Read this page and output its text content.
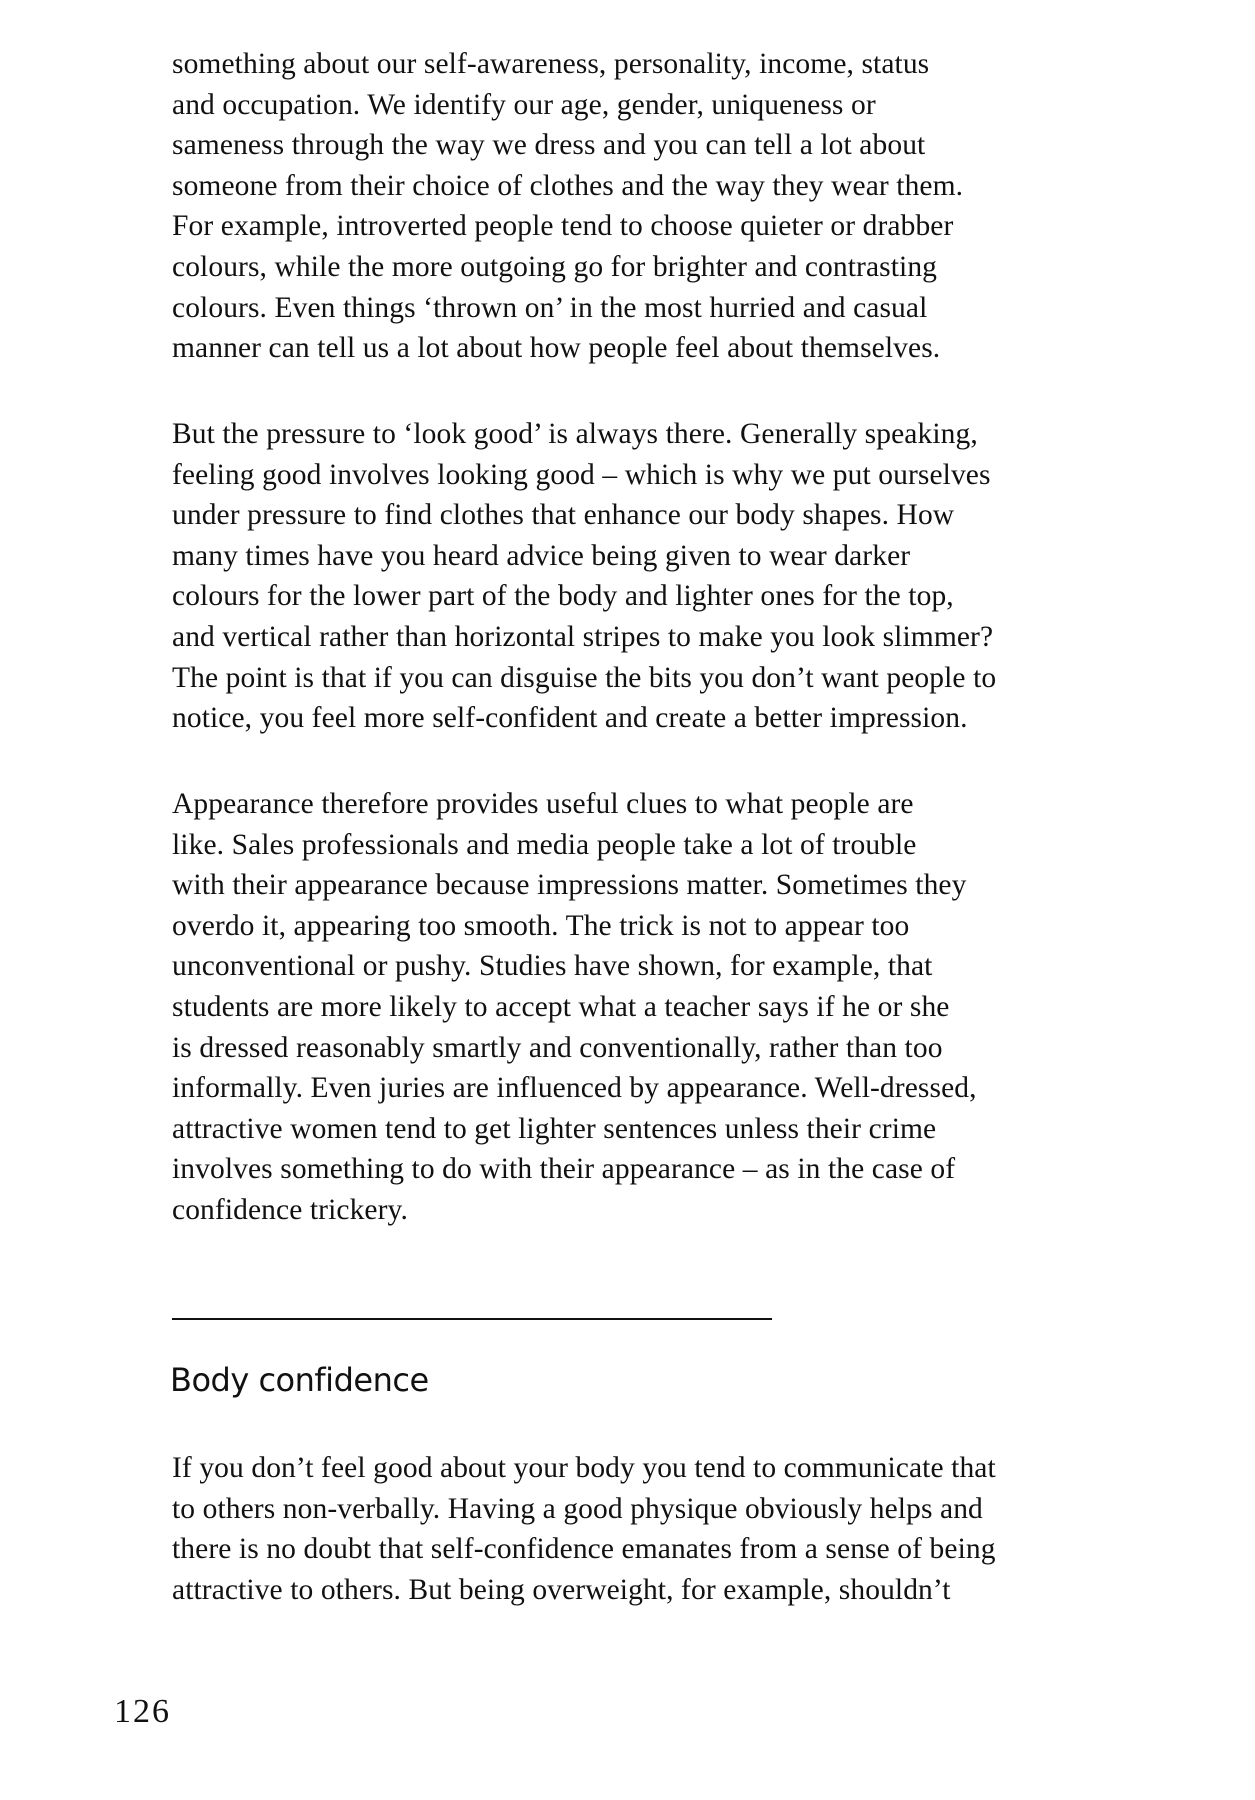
something about our self-awareness, personality, income, status
and occupation. We identify our age, gender, uniqueness or
sameness through the way we dress and you can tell a lot about
someone from their choice of clothes and the way they wear them.
For example, introverted people tend to choose quieter or drabber
colours, while the more outgoing go for brighter and contrasting
colours. Even things ‘thrown on’ in the most hurried and casual
manner can tell us a lot about how people feel about themselves.
But the pressure to ‘look good’ is always there. Generally speaking,
feeling good involves looking good – which is why we put ourselves
under pressure to find clothes that enhance our body shapes. How
many times have you heard advice being given to wear darker
colours for the lower part of the body and lighter ones for the top,
and vertical rather than horizontal stripes to make you look slimmer?
The point is that if you can disguise the bits you don’t want people to
notice, you feel more self-confident and create a better impression.
Appearance therefore provides useful clues to what people are
like. Sales professionals and media people take a lot of trouble
with their appearance because impressions matter. Sometimes they
overdo it, appearing too smooth. The trick is not to appear too
unconventional or pushy. Studies have shown, for example, that
students are more likely to accept what a teacher says if he or she
is dressed reasonably smartly and conventionally, rather than too
informally. Even juries are influenced by appearance. Well-dressed,
attractive women tend to get lighter sentences unless their crime
involves something to do with their appearance – as in the case of
confidence trickery.
Body confidence
If you don’t feel good about your body you tend to communicate that
to others non-verbally. Having a good physique obviously helps and
there is no doubt that self-confidence emanates from a sense of being
attractive to others. But being overweight, for example, shouldn’t
126
